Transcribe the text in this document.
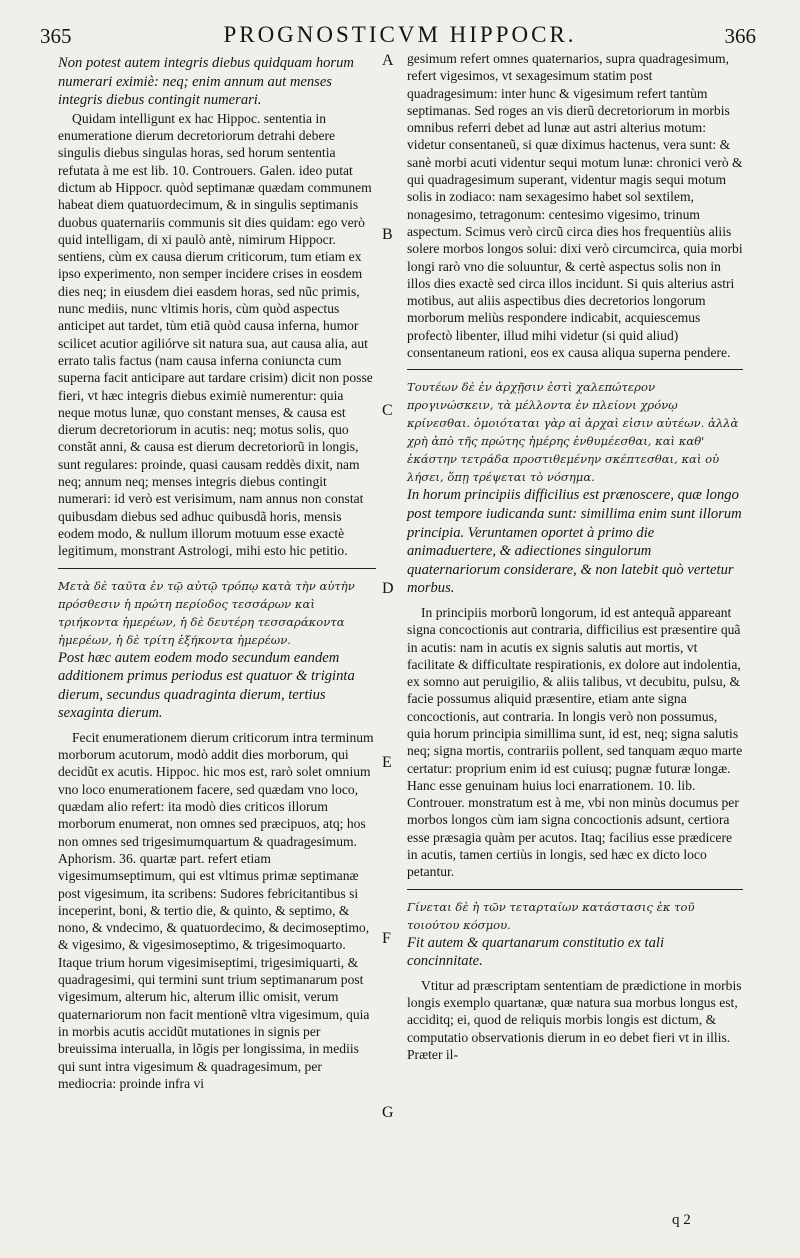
365	PROGNOSTICVM HIPPOCR.	366

Non potest autem integris diebus quidquam horum numerari eximiè: neq; enim annum aut menses integris diebus contingit numerari.

Quidam intelligunt ex hac Hippoc. sententia in enumeratione dierum decretoriorum detrahi debere singulis diebus singulas horas, sed horum sententia refutata à me est lib. 10. Controuers. Galen. ideo putat dictum ab Hippocr. quòd septimanæ quædam communem habeat diem quatuordecimum, & in singulis septimanis duobus quaternariis communis sit dies quidam: ego verò quid intelligam, di xi paulò antè, nimirum Hippocr. sentiens, cùm ex causa dierum criticorum, tum etiam ex ipso experimento, non semper incidere crises in eosdem dies neq; in eiusdem diei easdem horas, sed nũc primis, nunc mediis, nunc vltimis horis, cùm quòd aspectus anticipet aut tardet, tùm etiã quòd causa inferna, humor scilicet acutior agiliórve sit natura sua, aut causa alia, aut errato talis factus (nam causa inferna coniuncta cum superna facit anticipare aut tardare crisim) dicit non posse fieri, vt hæc integris diebus eximiè numerentur: quia neque motus lunæ, quo constant menses, & causa est dierum decretoriorum in acutis: neq; motus solis, quo constãt anni, & causa est dierum decretoriorũ in longis, sunt regulares: proinde, quasi causam reddès dixit, nam neq; annum neq; menses integris diebus contingit numerari: id verò est verisimum, nam annus non constat quibusdam diebus sed adhuc quibusdã horis, mensis eodem modo, & nullum illorum motuum esse exactè legitimum, monstrant Astrologi, mihi esto hic petitio.

Μετὰ δὲ ταῦτα ἐν τῷ αὐτῷ τρόπῳ κατὰ τὴν αὐτὴν πρόσθεσιν ἡ πρώτη περίοδος τεσσάρων καὶ τριήκοντα ἡμερέων, ἡ δὲ δευτέρη τεσσαράκοντα ἡμερέων, ἡ δὲ τρίτη ἑξήκοντα ἡμερέων.

Post hæc autem eodem modo secundum eandem additionem primus periodus est quatuor & triginta dierum, secundus quadraginta dierum, tertius sexaginta dierum.

Fecit enumerationem dierum criticorum intra terminum morborum acutorum, modò addit dies morborum, qui decidũt ex acutis. Hippoc. hic mos est, rarò solet omnium vno loco enumerationem facere, sed quædam vno loco, quædam alio refert: ita modò dies criticos illorum morborum enumerat, non omnes sed præcipuos, atq; hos non omnes sed trigesimumquartum & quadragesimum. Aphorism. 36. quartæ part. refert etiam vigesimumseptimum, qui est vltimus primæ septimanæ post vigesimum, ita scribens: Sudores febricitantibus si inceperint, boni, & tertio die, & quinto, & septimo, & nono, & vndecimo, & quatuordecimo, & decimoseptimo, & vigesimo, & vigesimoseptimo, & trigesimoquarto. Itaque trium horum vigesimiseptimi, trigesimiquarti, & quadragesimi, qui termini sunt trium septimanarum post vigesimum, alterum hic, alterum illic omisit, verum quaternariorum non facit mentionẽ vltra vigesimum, quia in morbis acutis accidũt mutationes in signis per breuissima interualla, in lõgis per longissima, in mediis qui sunt intra vigesimum & quadragesimum, per mediocria: proinde infra vi

gesimum refert omnes quaternarios, supra quadragesimum, refert vigesimos, vt sexagesimum statim post quadragesimum: inter hunc & vigesimum refert tantùm septimanas. Sed roges an vis dierũ decretoriorum in morbis omnibus referri debet ad lunæ aut astri alterius motum: videtur consentaneũ, si quæ diximus hactenus, vera sunt: & sanè morbi acuti videntur sequi motum lunæ: chronici verò & qui quadragesimum superant, videntur magis sequi motum solis in zodiaco: nam sexagesimo habet sol sextilem, nonagesimo, tetragonum: centesimo vigesimo, trinum aspectum. Scimus verò circũ circa dies hos frequentiùs aliis solere morbos longos solui: dixi verò circumcirca, quia morbi longi rarò vno die soluuntur, & certè aspectus solis non in illos dies exactè sed circa illos incidunt. Si quis alterius astri motibus, aut aliis aspectibus dies decretorios longorum morborum meliùs respondere indicabit, acquiescemus profectò libenter, illud mihi videtur (si quid aliud) consentaneum rationi, eos ex causa aliqua superna pendere.

Τουτέων δὲ ἐν ἀρχῇσιν ἐστὶ χαλεπώτερον προγινώσκειν, τὰ μέλλοντα ἐν πλείονι χρόνῳ κρίνεσθαι. ὁμοιόταται γὰρ αἱ ἀρχαὶ εἰσιν αὐτέων. ἀλλὰ χρὴ ἀπὸ τῆς πρώτης ἡμέρης ἐνθυμέεσθαι, καὶ καθ' ἑκάστην τετράδα προστιθεμένην σκέπτεσθαι, καὶ οὐ λήσει, ὅπῃ τρέψεται τὸ νόσημα.

In horum principiis difficilius est prænoscere, quæ longo post tempore iudicanda sunt: simillima enim sunt illorum principia. Veruntamen oportet à primo die animaduertere, & adiectiones singulorum quaternariorum considerare, & non latebit quò vertetur morbus.

In principiis morborũ longorum, id est antequã appareant signa concoctionis aut contraria, difficilius est præsentire quã in acutis: nam in acutis ex signis salutis aut mortis, vt facilitate & difficultate respirationis, ex dolore aut indolentia, ex somno aut peruigilio, & aliis talibus, vt decubitu, pulsu, & facie possumus aliquid præsentire, etiam ante signa concoctionis, aut contraria. In longis verò non possumus, quia horum principia simillima sunt, id est, neq; signa salutis neq; signa mortis, contrariis pollent, sed tanquam æquo marte certatur: proprium enim id est cuiusq; pugnæ futuræ longæ. Hanc esse genuinam huius loci enarrationem. 10. lib. Controuer. monstratum est à me, vbi non minùs documus per morbos longos cùm iam signa concoctionis adsunt, certiora esse præsagia quàm per acutos. Itaq; facilius esse prædicere in acutis, tamen certiùs in longis, sed hæc ex dicto loco petantur.

Γίνεται δὲ ἡ τῶν τεταρταίων κατάστασις ἐκ τοῦ τοιούτου κόσμου.

Fit autem & quartanarum constitutio ex tali concinnitate.

Vtitur ad præscriptam sententiam de prædictione in morbis longis exemplo quartanæ, quæ natura sua morbus longus est, acciditq; ei, quod de reliquis morbis longis est dictum, & computatio observationis dierum in eo debet fieri vt in illis. Præter il-

A
B
C
D
E
F
G
q 2
